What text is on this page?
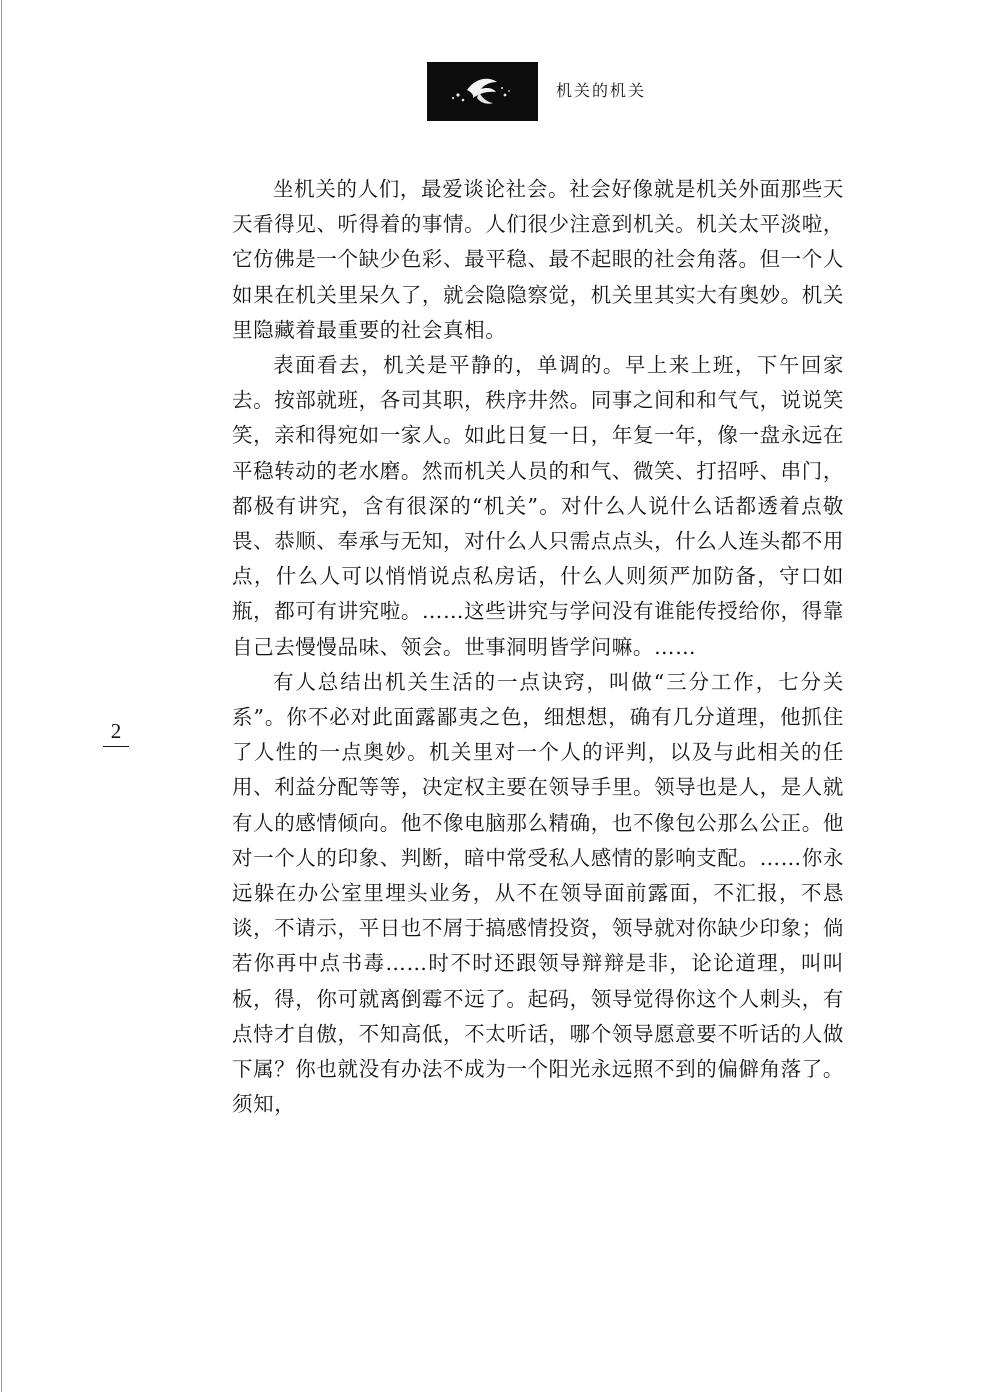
机关的机关

坐机关的人们，最爱谈论社会。社会好像就是机关外面那些天天看得见、听得着的事情。人们很少注意到机关。机关太平淡啦，它仿佛是一个缺少色彩、最平稳、最不起眼的社会角落。但一个人如果在机关里呆久了，就会隐隐察觉，机关里其实大有奥妙。机关里隐藏着最重要的社会真相。

表面看去，机关是平静的，单调的。早上来上班，下午回家去。按部就班，各司其职，秩序井然。同事之间和和气气，说说笑笑，亲和得宛如一家人。如此日复一日，年复一年，像一盘永远在平稳转动的老水磨。然而机关人员的和气、微笑、打招呼、串门，都极有讲究，含有很深的“机关”。对什么人说什么话都透着点敬畏、恭顺、奉承与无知，对什么人只需点点头，什么人连头都不用点，什么人可以悄悄说点私房话，什么人则须严加防备，守口如瓶，都可有讲究啦。……这些讲究与学问没有谁能传授给你，得靠自己去慢慢品味、领会。世事洞明皆学问嘛。……

有人总结出机关生活的一点诀窍，叫做“三分工作，七分关系”。你不必对此面露鄙夷之色，细想想，确有几分道理，他抓住了人性的一点奥妙。机关里对一个人的评判，以及与此相关的任用、利益分配等等，决定权主要在领导手里。领导也是人，是人就有人的感情倾向。他不像电脑那么精确，也不像包公那么公正。他对一个人的印象、判断，暗中常受私人感情的影响支配。……你永远躲在办公室里埋头业务，从不在领导面前露面，不汇报，不恳谈，不请示，平日也不屑于搞感情投资，领导就对你缺少印象；倘若你再中点书毒……时不时还跟领导辩辩是非，论论道理，叫叫板，得，你可就离倒霉不远了。起码，领导觉得你这个人刺头，有点恃才自傲，不知高低，不太听话，哪个领导愿意要不听话的人做下属？你也就没有办法不成为一个阳光永远照不到的偏僻角落了。须知，

2
